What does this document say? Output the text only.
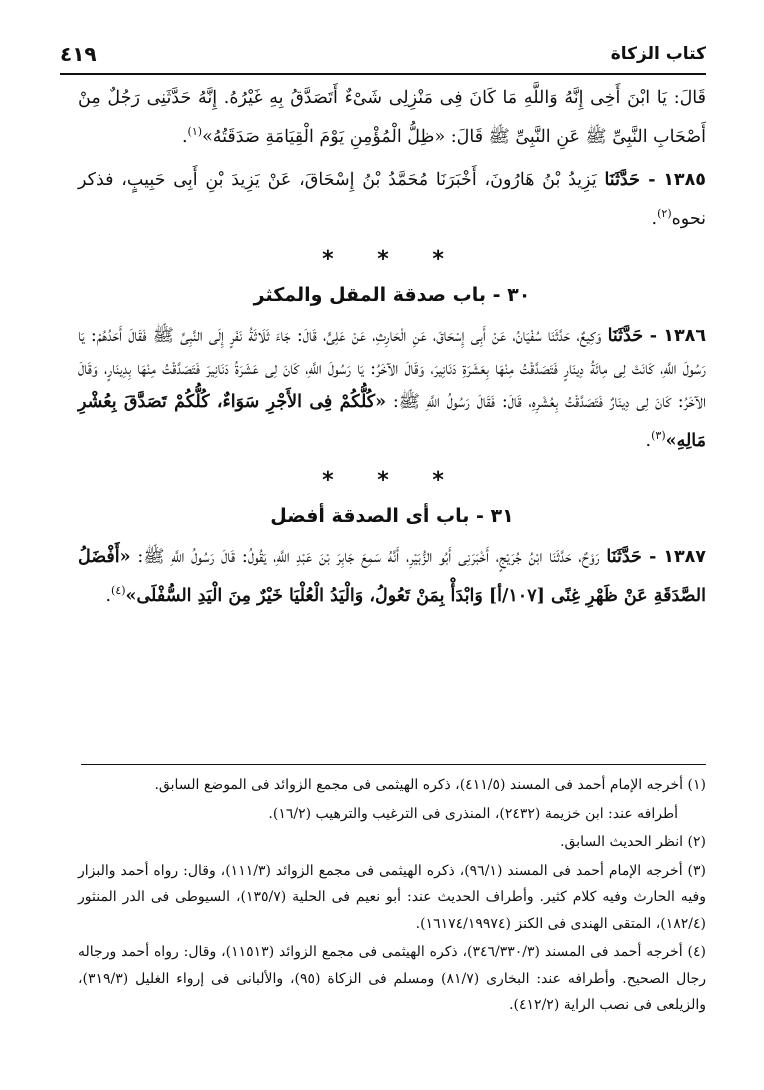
كتاب الزكاة
٤١٩

قَالَ: يَا ابْنَ أَخِى إِنَّهُ وَاللَّهِ مَا كَانَ فِى مَنْزِلِى شَىْءٌ أَتَصَدَّقُ بِهِ غَيْرُهُ. إِنَّهُ حَدَّثَنِى رَجُلٌ مِنْ أَصْحَابِ النَّبِىِّ ﷺ عَنِ النَّبِىِّ ﷺ قَالَ: «ظِلُّ الْمُؤْمِنِ يَوْمَ الْقِيَامَةِ صَدَقَتُهُ»$^{(١)}$.

١٣٨٥ - حَدَّثَنَا يَزِيدُ بْنُ هَارُونَ، أَخْبَرَنَا مُحَمَّدُ بْنُ إِسْحَاقَ، عَنْ يَزِيدَ بْنِ أَبِى حَبِيبٍ، فذكر نحوه$^{(٢)}$.

* * *
٣٠ - باب صدقة المقل والمكثر

١٣٨٦ - حَدَّثَنَا وَكِيعٌ، حَدَّثَنَا سُفْيَانُ، عَنْ أَبِى إِسْحَاقَ، عَنِ الْحَارِثِ، عَنْ عَلِىٍّ، قَالَ: جَاءَ ثَلَاثَةُ نَفَرٍ إِلَى النَّبِىِّ ﷺ فَقَالَ أَحَدُهُمْ: يَا رَسُولَ اللَّهِ، كَانَتْ لِى مِائَةُ دِينَارٍ فَتَصَدَّقْتُ مِنْهَا بِعَشَرَةِ دَنَانِيرَ، وَقَالَ الآخَرُ: يَا رَسُولَ اللَّهِ، كَانَ لِى عَشَرَةُ دَنَانِيرَ فَتَصَدَّقْتُ مِنْهَا بِدِينَارٍ، وَقَالَ الآخَرُ: كَانَ لِى دِينَارٌ فَتَصَدَّقْتُ بِعُشْرِهِ، قَالَ: فَقَالَ رَسُولُ اللَّهِ ﷺ: «كُلُّكُمْ فِى الأَجْرِ سَوَاءٌ، كُلُّكُمْ تَصَدَّقَ بِعُشْرِ مَالِهِ»$^{(٣)}$.

* * *
٣١ - باب أى الصدقة أفضل

١٣٨٧ - حَدَّثَنَا رَوْحٌ، حَدَّثَنَا ابْنُ جُرَيْجٍ، أَخْبَرَنِى أَبُو الزُّبَيْرِ، أَنَّهُ سَمِعَ جَابِرَ بْنَ عَبْدِ اللَّهِ، يَقُولُ: قَالَ رَسُولُ اللَّهِ ﷺ: «أَفْضَلُ الصَّدَقَةِ عَنْ ظَهْرِ غِنًى [١٠٧/أ] وَابْدَأْ بِمَنْ تَعُولُ، وَالْيَدُ الْعُلْيَا خَيْرٌ مِنَ الْيَدِ السُّفْلَى»$^{(٤)}$.

(١) أخرجه الإمام أحمد فى المسند (٤١١/٥)، ذكره الهيثمى فى مجمع الزوائد فى الموضع السابق.

أطرافه عند: ابن خزيمة (٢٤٣٢)، المنذرى فى الترغيب والترهيب (١٦/٢).

(٢) انظر الحديث السابق.

(٣) أخرجه الإمام أحمد فى المسند (٩٦/١)، ذكره الهيثمى فى مجمع الزوائد (١١١/٣)، وقال: رواه أحمد والبزار وفيه الحارث وفيه كلام كثير. وأطراف الحديث عند: أبو نعيم فى الحلية (١٣٥/٧)، السيوطى فى الدر المنثور (١٨٢/٤)، المتقى الهندى فى الكنز (١٦١٧٤/١٩٩٧٤).

(٤) أخرجه أحمد فى المسند (٣٤٦/٣٣٠/٣)، ذكره الهيثمى فى مجمع الزوائد (١١٥١٣)، وقال: رواه أحمد ورجاله رجال الصحيح. وأطرافه عند: البخارى (٨١/٧) ومسلم فى الزكاة (٩٥)، والألبانى فى إرواء الغليل (٣١٩/٣)، والزيلعى فى نصب الراية (٤١٢/٢).
